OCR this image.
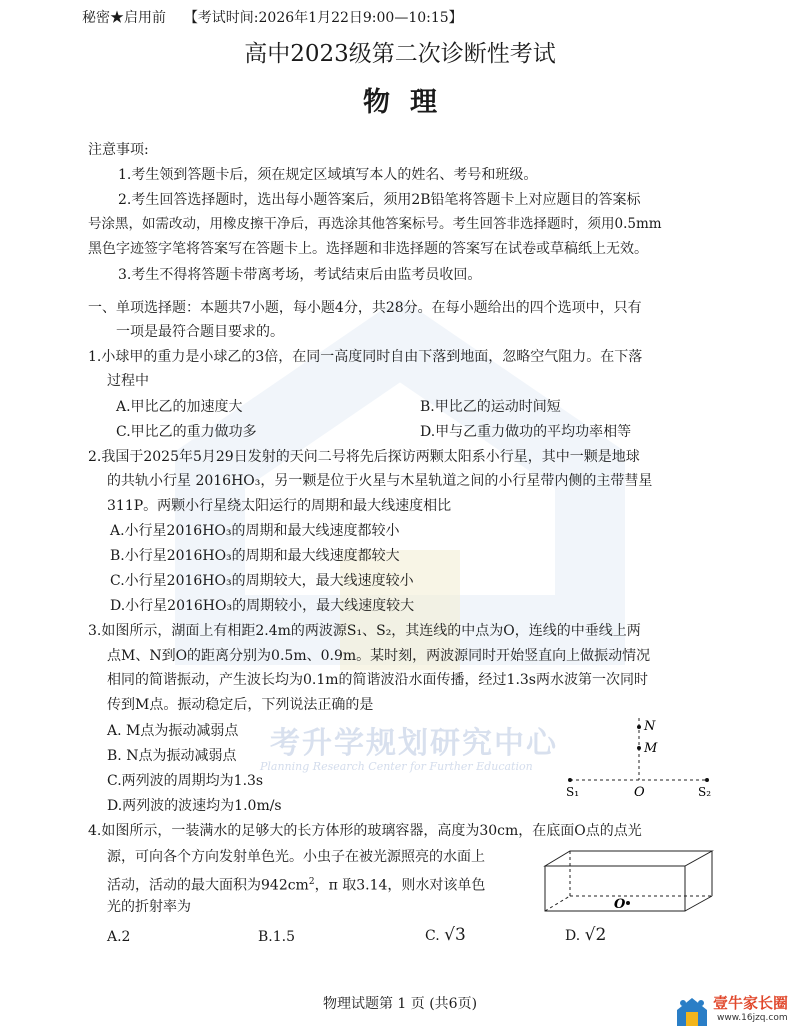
考升学规划研究中心
Planning Research Center for Further Education
秘密★启用前 【考试时间:2026年1月22日9:00—10:15】
高中2023级第二次诊断性考试
物理
注意事项:
1.考生领到答题卡后，须在规定区域填写本人的姓名、考号和班级。
2.考生回答选择题时，选出每小题答案后，须用2B铅笔将答题卡上对应题目的答案标
号涂黑，如需改动，用橡皮擦干净后，再选涂其他答案标号。考生回答非选择题时，须用0.5mm
黑色字迹签字笔将答案写在答题卡上。选择题和非选择题的答案写在试卷或草稿纸上无效。
3.考生不得将答题卡带离考场，考试结束后由监考员收回。
一、单项选择题：本题共7小题，每小题4分，共28分。在每小题给出的四个选项中，只有
一项是最符合题目要求的。
1.小球甲的重力是小球乙的3倍，在同一高度同时自由下落到地面，忽略空气阻力。在下落
过程中
A.甲比乙的加速度大	B.甲比乙的运动时间短
C.甲比乙的重力做功多	D.甲与乙重力做功的平均功率相等
2.我国于2025年5月29日发射的天问二号将先后探访两颗太阳系小行星，其中一颗是地球
的共轨小行星 2016HO₃，另一颗是位于火星与木星轨道之间的小行星带内侧的主带彗星
311P。两颗小行星绕太阳运行的周期和最大线速度相比
A.小行星2016HO₃的周期和最大线速度都较小
B.小行星2016HO₃的周期和最大线速度都较大
C.小行星2016HO₃的周期较大，最大线速度较小
D.小行星2016HO₃的周期较小，最大线速度较大
3.如图所示，湖面上有相距2.4m的两波源S₁、S₂，其连线的中点为O，连线的中垂线上两
点M、N到O的距离分别为0.5m、0.9m。某时刻，两波源同时开始竖直向上做振动情况
相同的简谐振动，产生波长均为0.1m的简谐波沿水面传播，经过1.3s两水波第一次同时
传到M点。振动稳定后，下列说法正确的是
A. M点为振动减弱点
B. N点为振动减弱点
C.两列波的周期均为1.3s
D.两列波的波速均为1.0m/s
N
M
O
S₁	S₂
4.如图所示，一装满水的足够大的长方体形的玻璃容器，高度为30cm，在底面O点的点光
源，可向各个方向发射单色光。小虫子在被光源照亮的水面上
活动，活动的最大面积为$942cm^2$，π 取3.14，则水对该单色
光的折射率为
A.2	B.1.5	C. √3	D. √2
O
物理试题第 1 页 (共6页)	壹牛家长圈
www.16jzq.com
